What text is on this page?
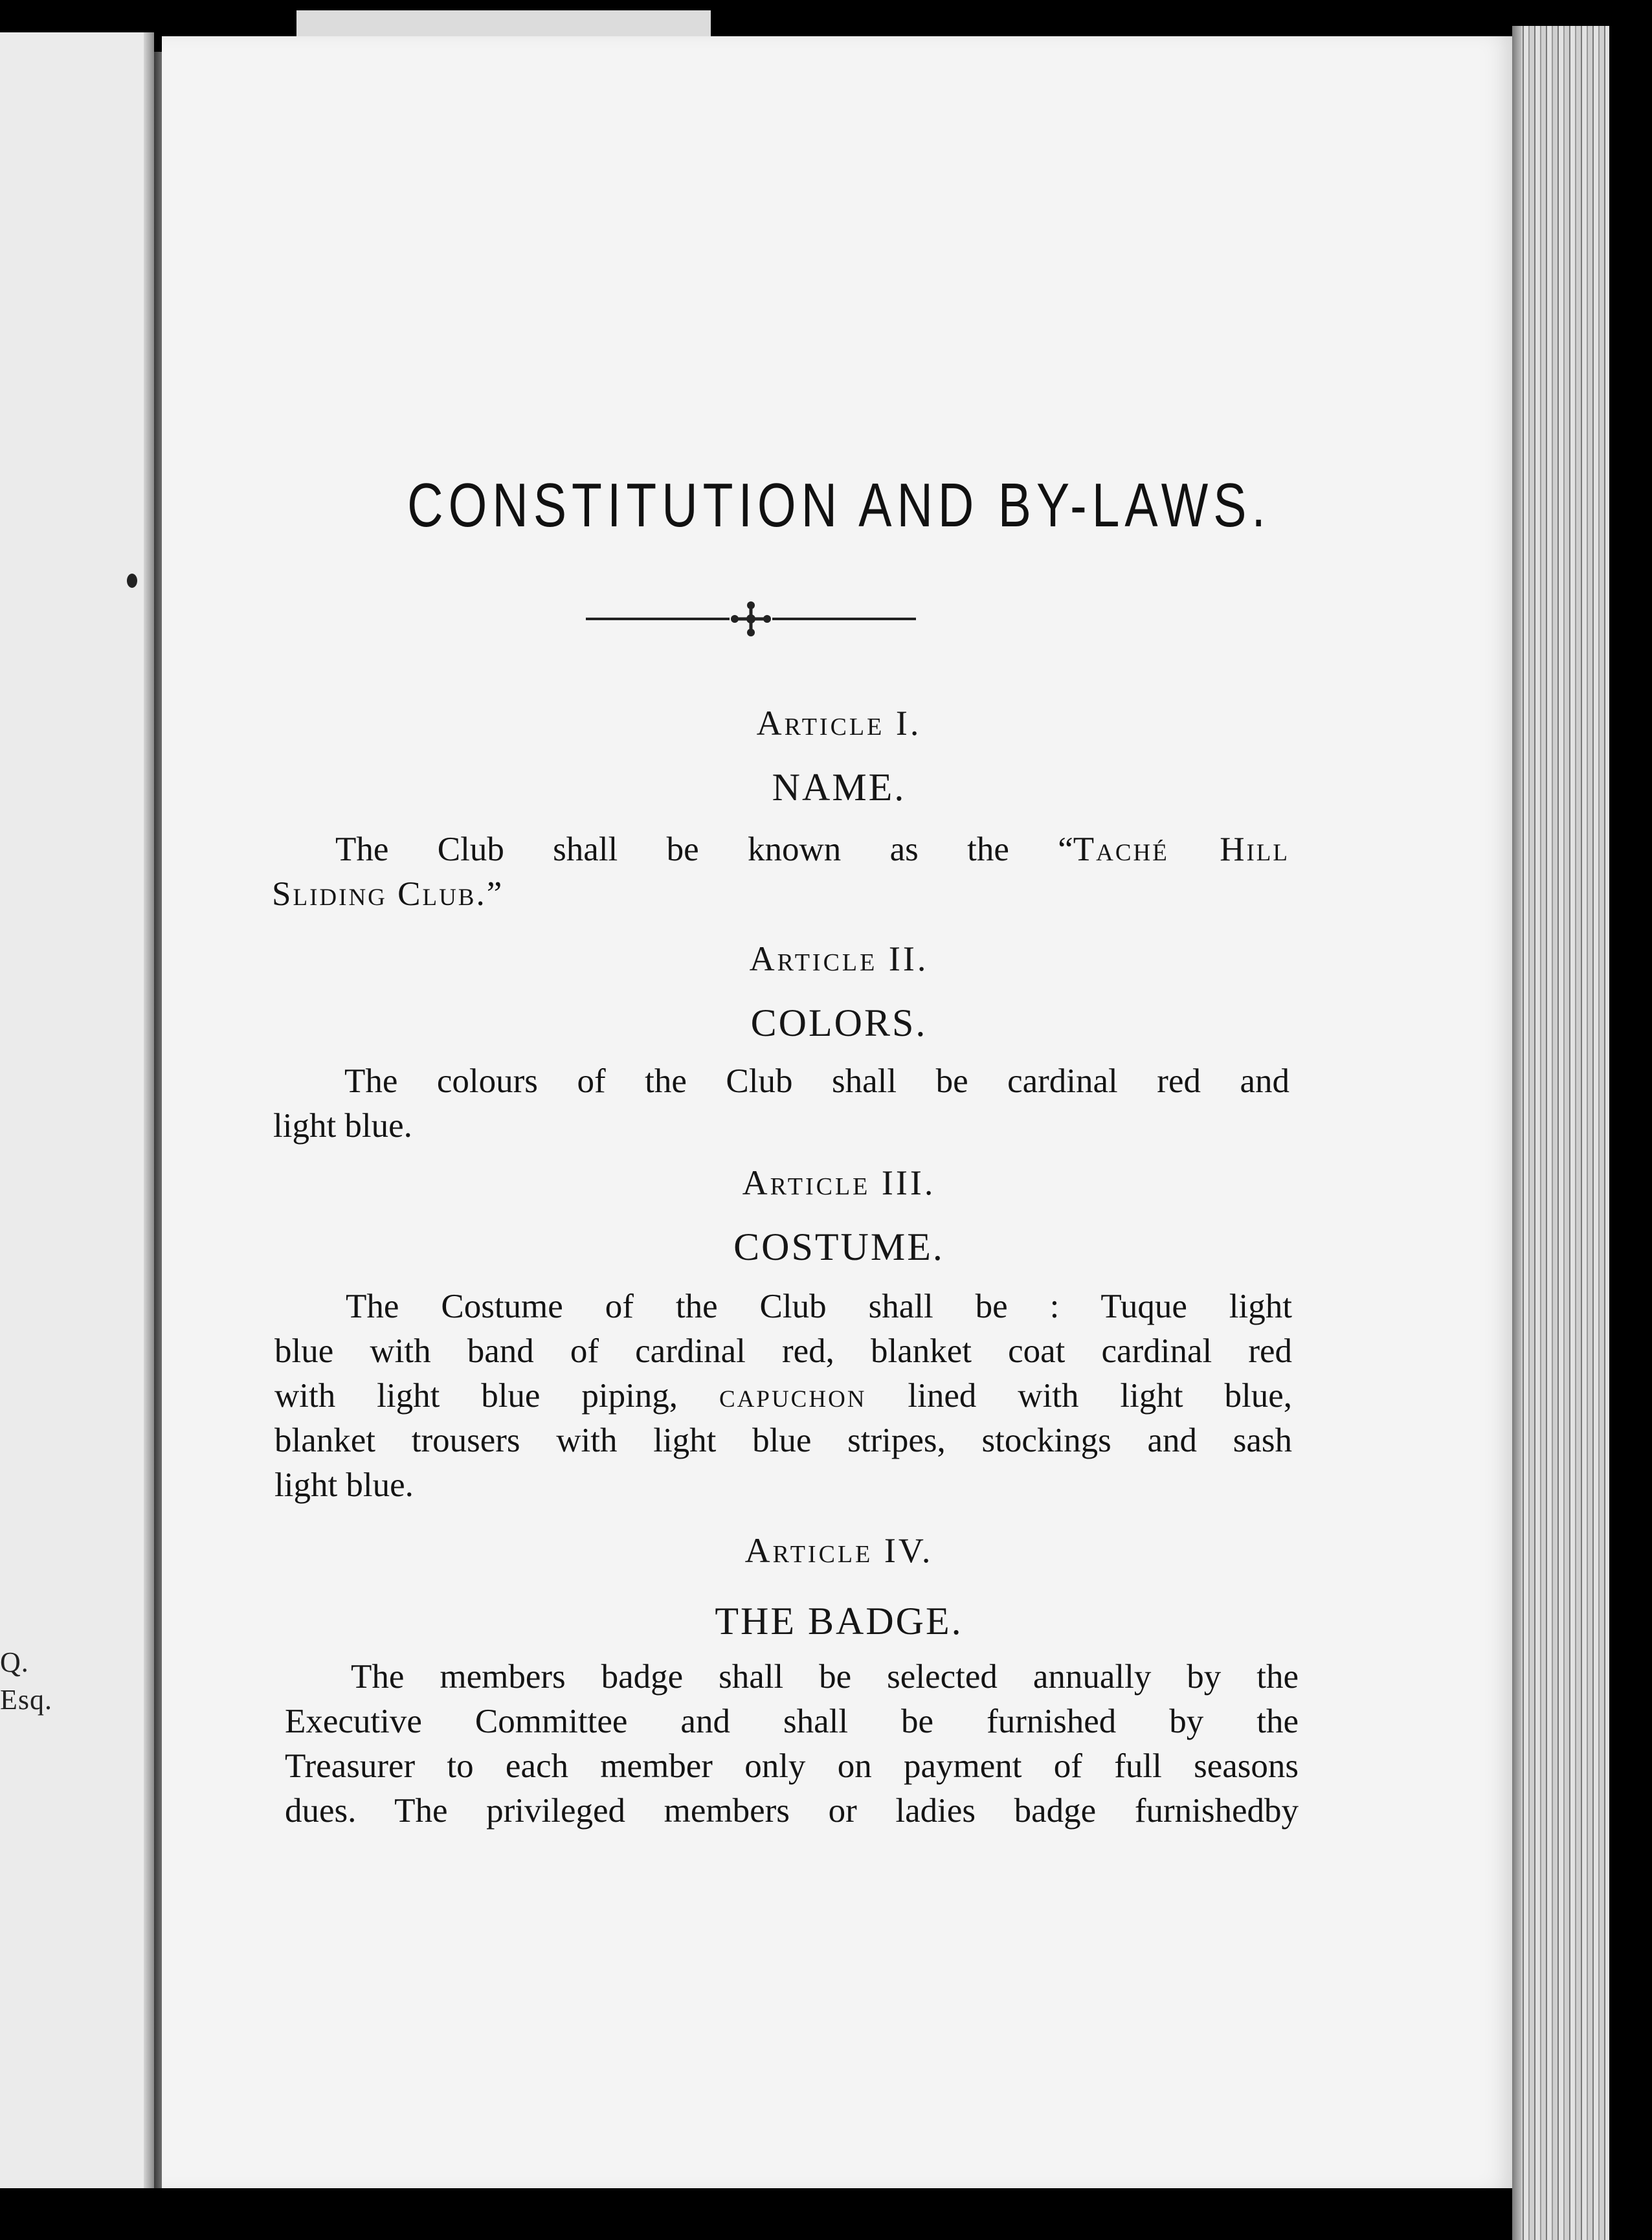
Q.
Esq.
CONSTITUTION AND BY-LAWS.
Article I.
NAME.
The Club shall be known as the “Taché Hill
Sliding Club.”
Article II.
COLORS.
The colours of the Club shall be cardinal red and
light blue.
Article III.
COSTUME.
The Costume of the Club shall be : Tuque light
blue with band of cardinal red, blanket coat cardinal red
with light blue piping, capuchon lined with light blue,
blanket trousers with light blue stripes, stockings and sash
light blue.
Article IV.
THE BADGE.
The members badge shall be selected annually by the
Executive Committee and shall be furnished by the
Treasurer to each member only on payment of full seasons
dues. The privileged members or ladies badge furnishedby
